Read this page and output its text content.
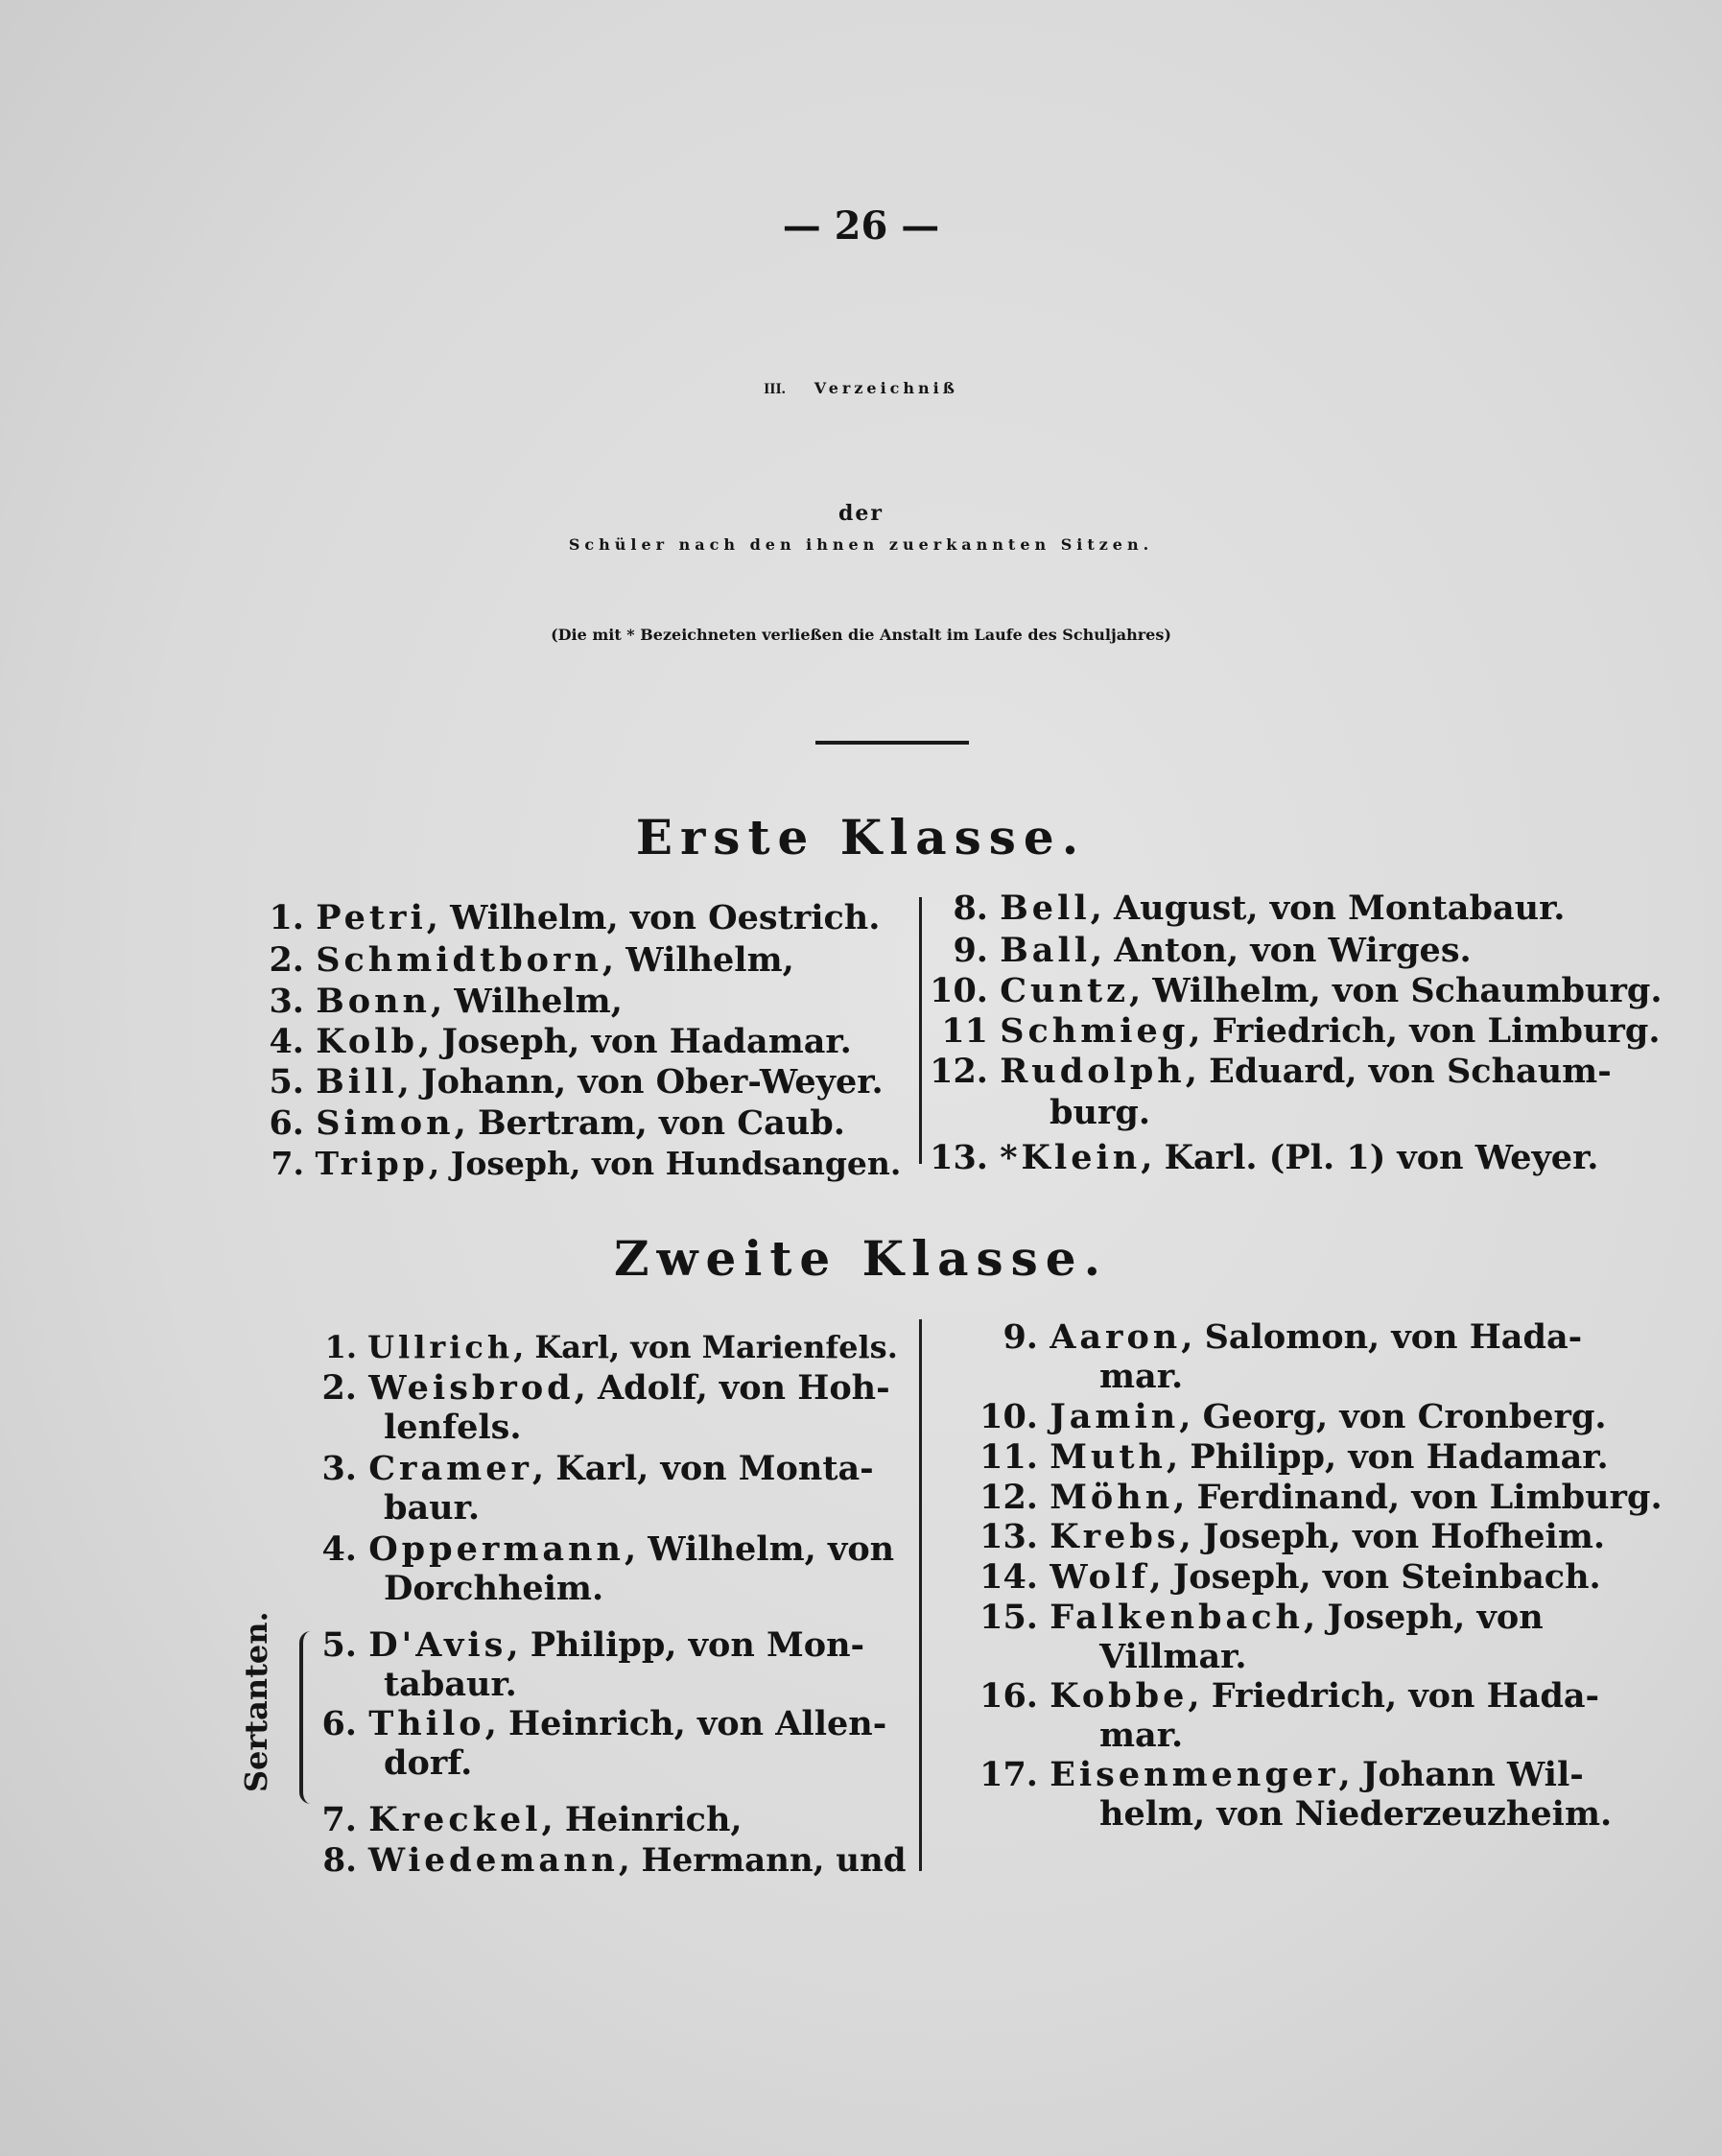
— 26 —
III. Verzeichniß
der
Schüler nach den ihnen zuerkannten Sitzen.
(Die mit * Bezeichneten verließen die Anstalt im Laufe des Schuljahres)
Erste Klasse.
1. Petri, Wilhelm, von Oestrich.
2. Schmidtborn, Wilhelm,
3. Bonn, Wilhelm,
4. Kolb, Joseph, von Hadamar.
5. Bill, Johann, von Ober-Weyer.
6. Simon, Bertram, von Caub.
7. Tripp, Joseph, von Hundsangen.
8. Bell, August, von Montabaur.
9. Ball, Anton, von Wirges.
10. Cuntz, Wilhelm, von Schaumburg.
11 Schmieg, Friedrich, von Limburg.
12. Rudolph, Eduard, von Schaum-
burg.
13. *Klein, Karl. (Pl. 1) von Weyer.
Zweite Klasse.
1. Ullrich, Karl, von Marienfels.
2. Weisbrod, Adolf, von Hoh-
lenfels.
3. Cramer, Karl, von Monta-
baur.
4. Oppermann, Wilhelm, von
Dorchheim.
5. D'Avis, Philipp, von Mon-
tabaur.
6. Thilo, Heinrich, von Allen-
dorf.
7. Kreckel, Heinrich,
8. Wiedemann, Hermann, und
Sertanten.
9. Aaron, Salomon, von Hada-
mar.
10. Jamin, Georg, von Cronberg.
11. Muth, Philipp, von Hadamar.
12. Möhn, Ferdinand, von Limburg.
13. Krebs, Joseph, von Hofheim.
14. Wolf, Joseph, von Steinbach.
15. Falkenbach, Joseph, von
Villmar.
16. Kobbe, Friedrich, von Hada-
mar.
17. Eisenmenger, Johann Wil-
helm, von Niederzeuzheim.
